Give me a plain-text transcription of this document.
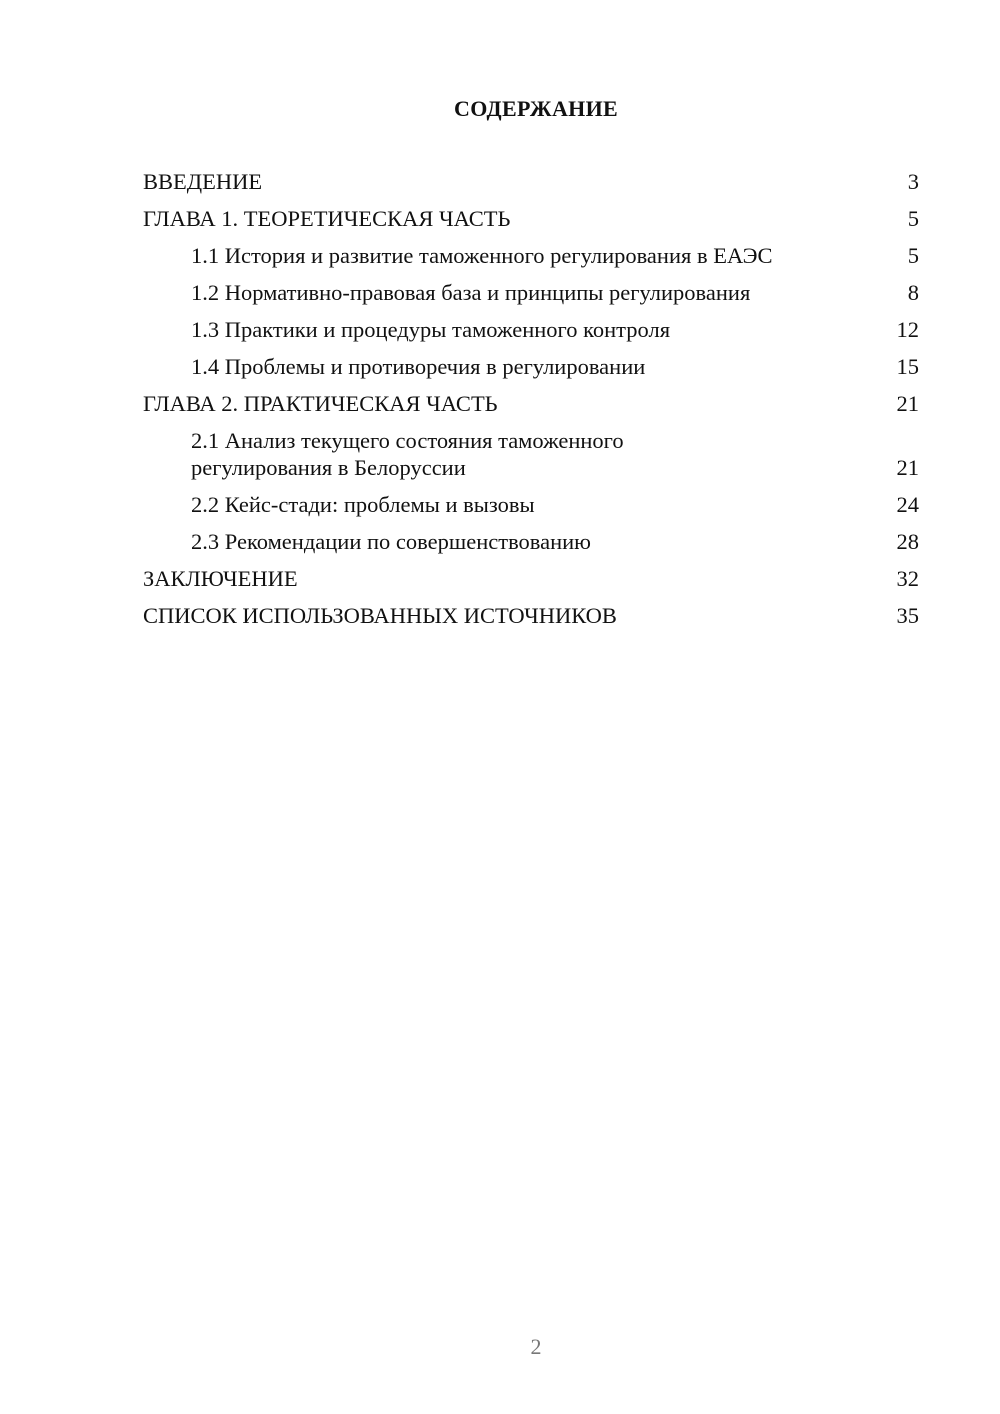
СОДЕРЖАНИЕ
ВВЕДЕНИЕ	3
ГЛАВА 1. ТЕОРЕТИЧЕСКАЯ ЧАСТЬ	5
1.1 История и развитие таможенного регулирования в ЕАЭС	5
1.2 Нормативно-правовая база и принципы регулирования	8
1.3 Практики и процедуры таможенного контроля	12
1.4 Проблемы и противоречия в регулировании	15
ГЛАВА 2. ПРАКТИЧЕСКАЯ ЧАСТЬ	21
2.1 Анализ текущего состояния таможенного регулирования в Белоруссии	21
2.2 Кейс-стади: проблемы и вызовы	24
2.3 Рекомендации по совершенствованию	28
ЗАКЛЮЧЕНИЕ	32
СПИСОК ИСПОЛЬЗОВАННЫХ ИСТОЧНИКОВ	35
2
